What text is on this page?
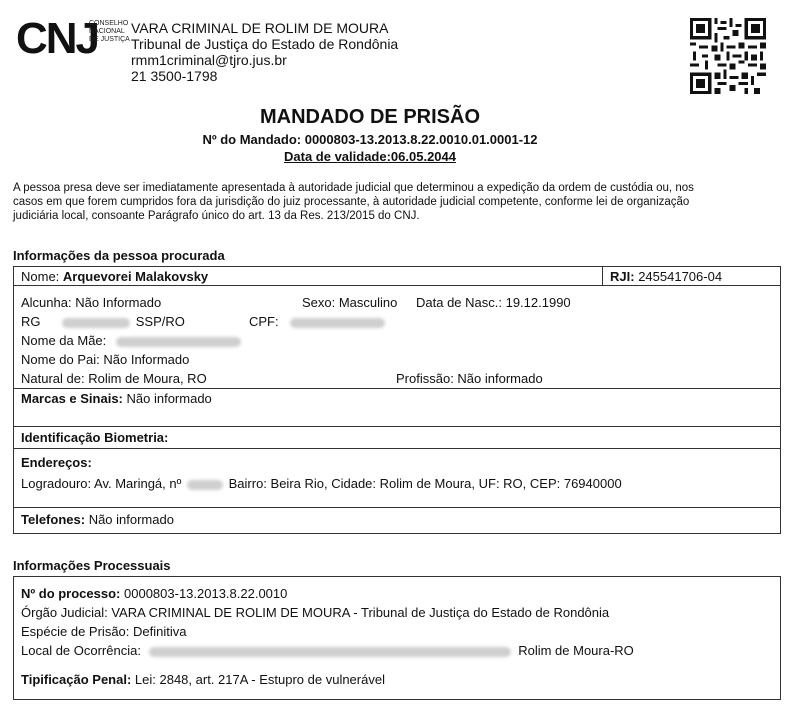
CNJ
CONSELHO
NACIONAL
DE JUSTIÇA
VARA CRIMINAL DE ROLIM DE MOURA
Tribunal de Justiça do Estado de Rondônia
rmm1criminal@tjro.jus.br
21 3500-1798
MANDADO DE PRISÃO
Nº do Mandado: 0000803-13.2013.8.22.0010.01.0001-12
Data de validade:06.05.2044
A pessoa presa deve ser imediatamente apresentada à autoridade judicial que determinou a expedição da ordem de custódia ou, nos
casos em que forem cumpridos fora da jurisdição do juiz processante, à autoridade judicial competente, conforme lei de organização
judiciária local, consoante Parágrafo único do art. 13 da Res. 213/2015 do CNJ.
Informações da pessoa procurada
Nome: Arquevorei Malakovsky	RJI: 245541706-04
Alcunha: Não Informado	Sexo: Masculino Data de Nasc.: 19.12.1990
RG	SSP/RO	CPF:
Nome da Mãe:
Nome do Pai: Não Informado
Natural de: Rolim de Moura, RO	Profissão: Não informado
Marcas e Sinais: Não informado
Identificação Biometria:
Endereços:
Logradouro: Av. Maringá, nº	Bairro: Beira Rio, Cidade: Rolim de Moura, UF: RO, CEP: 76940000
Telefones: Não informado
Informações Processuais
Nº do processo: 0000803-13.2013.8.22.0010
Órgão Judicial: VARA CRIMINAL DE ROLIM DE MOURA - Tribunal de Justiça do Estado de Rondônia
Espécie de Prisão: Definitiva
Local de Ocorrência:	Rolim de Moura-RO
Tipificação Penal: Lei: 2848, art. 217A - Estupro de vulnerável
